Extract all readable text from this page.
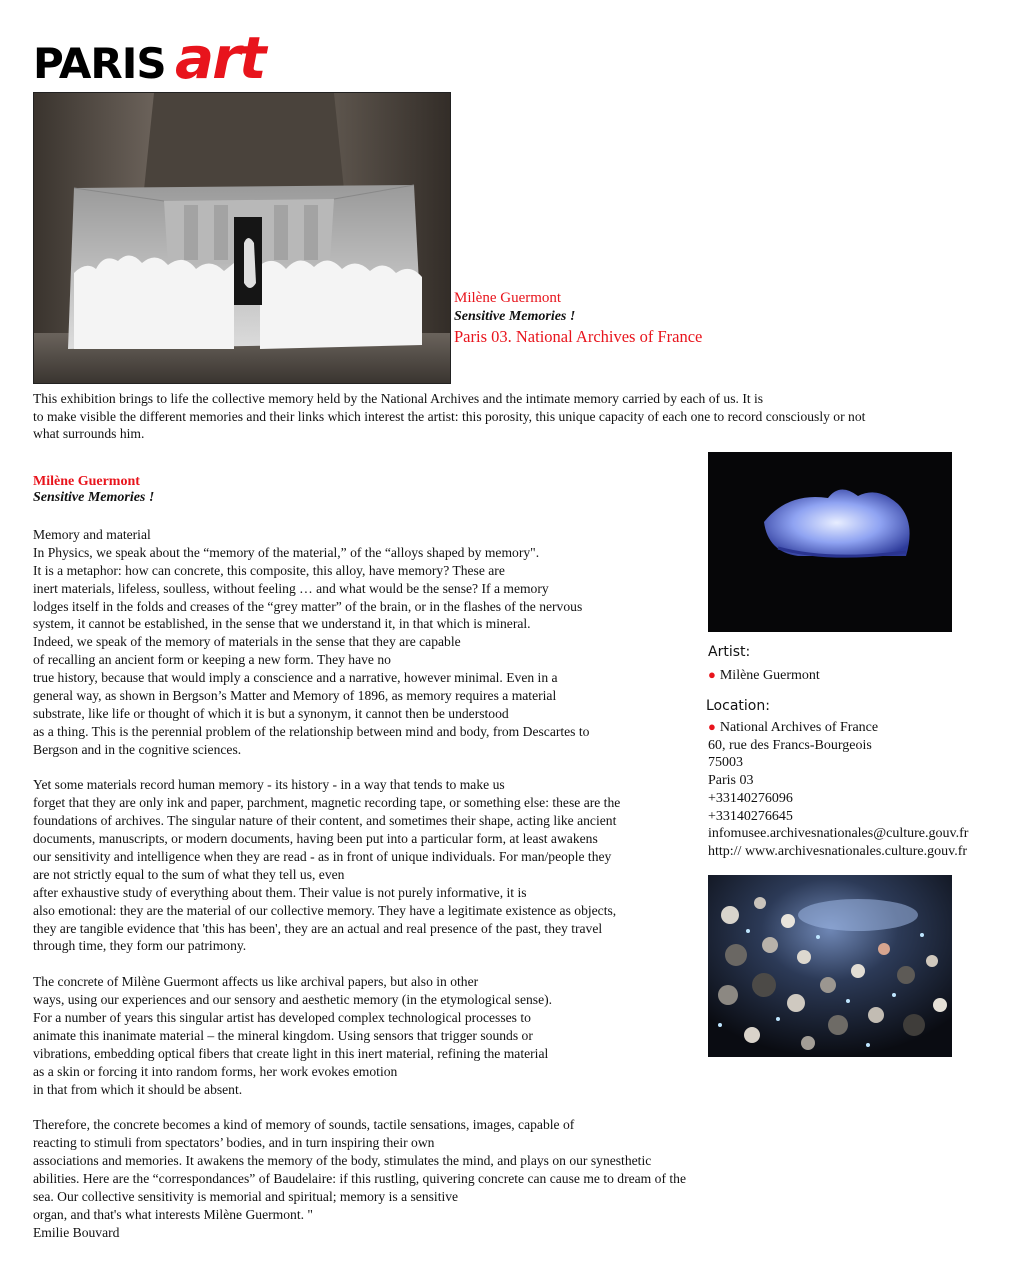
PARIS art
Milène Guermont
Sensitive Memories !
Paris 03. National Archives of France
This exhibition brings to life the collective memory held by the National Archives and the intimate memory carried by each of us. It is
to make visible the different memories and their links which interest the artist: this porosity, this unique capacity of each one to record consciously or not
what surrounds him.
Milène Guermont
Sensitive Memories !
Memory and material
In Physics, we speak about the “memory of the material,” of the “alloys shaped by memory".
It is a metaphor: how can concrete, this composite, this alloy, have memory? These are
inert materials, lifeless, soulless, without feeling … and what would be the sense? If a memory
lodges itself in the folds and creases of the “grey matter” of the brain, or in the flashes of the nervous
system, it cannot be established, in the sense that we understand it, in that which is mineral.
Indeed, we speak of the memory of materials in the sense that they are capable
of recalling an ancient form or keeping a new form. They have no
true history, because that would imply a conscience and a narrative, however minimal. Even in a
general way, as shown in Bergson’s Matter and Memory of 1896, as memory requires a material
substrate, like life or thought of which it is but a synonym, it cannot then be understood
as a thing. This is the perennial problem of the relationship between mind and body, from Descartes to
Bergson and in the cognitive sciences.
Yet some materials record human memory - its history - in a way that tends to make us
forget that they are only ink and paper, parchment, magnetic recording tape, or something else: these are the
foundations of archives. The singular nature of their content, and sometimes their shape, acting like ancient
documents, manuscripts, or modern documents, having been put into a particular form, at least awakens
our sensitivity and intelligence when they are read - as in front of unique individuals. For man/people they
are not strictly equal to the sum of what they tell us, even
after exhaustive study of everything about them. Their value is not purely informative, it is
also emotional: they are the material of our collective memory. They have a legitimate existence as objects,
they are tangible evidence that 'this has been', they are an actual and real presence of the past, they travel
through time, they form our patrimony.
The concrete of Milène Guermont affects us like archival papers, but also in other
ways, using our experiences and our sensory and aesthetic memory (in the etymological sense).
For a number of years this singular artist has developed complex technological processes to
animate this inanimate material – the mineral kingdom. Using sensors that trigger sounds or
vibrations, embedding optical fibers that create light in this inert material, refining the material
as a skin or forcing it into random forms, her work evokes emotion
in that from which it should be absent.
Therefore, the concrete becomes a kind of memory of sounds, tactile sensations, images, capable of
reacting to stimuli from spectators’ bodies, and in turn inspiring their own
associations and memories. It awakens the memory of the body, stimulates the mind, and plays on our synesthetic
abilities. Here are the “correspondances” of Baudelaire: if this rustling, quivering concrete can cause me to dream of the
sea. Our collective sensitivity is memorial and spiritual; memory is a sensitive
organ, and that's what interests Milène Guermont. "
Emilie Bouvard
Artist:
● Milène Guermont
Location:
● National Archives of France
60, rue des Francs-Bourgeois
75003
Paris 03
+33140276096
+33140276645
infomusee.archivesnationales@culture.gouv.fr
http:// www.archivesnationales.culture.gouv.fr
